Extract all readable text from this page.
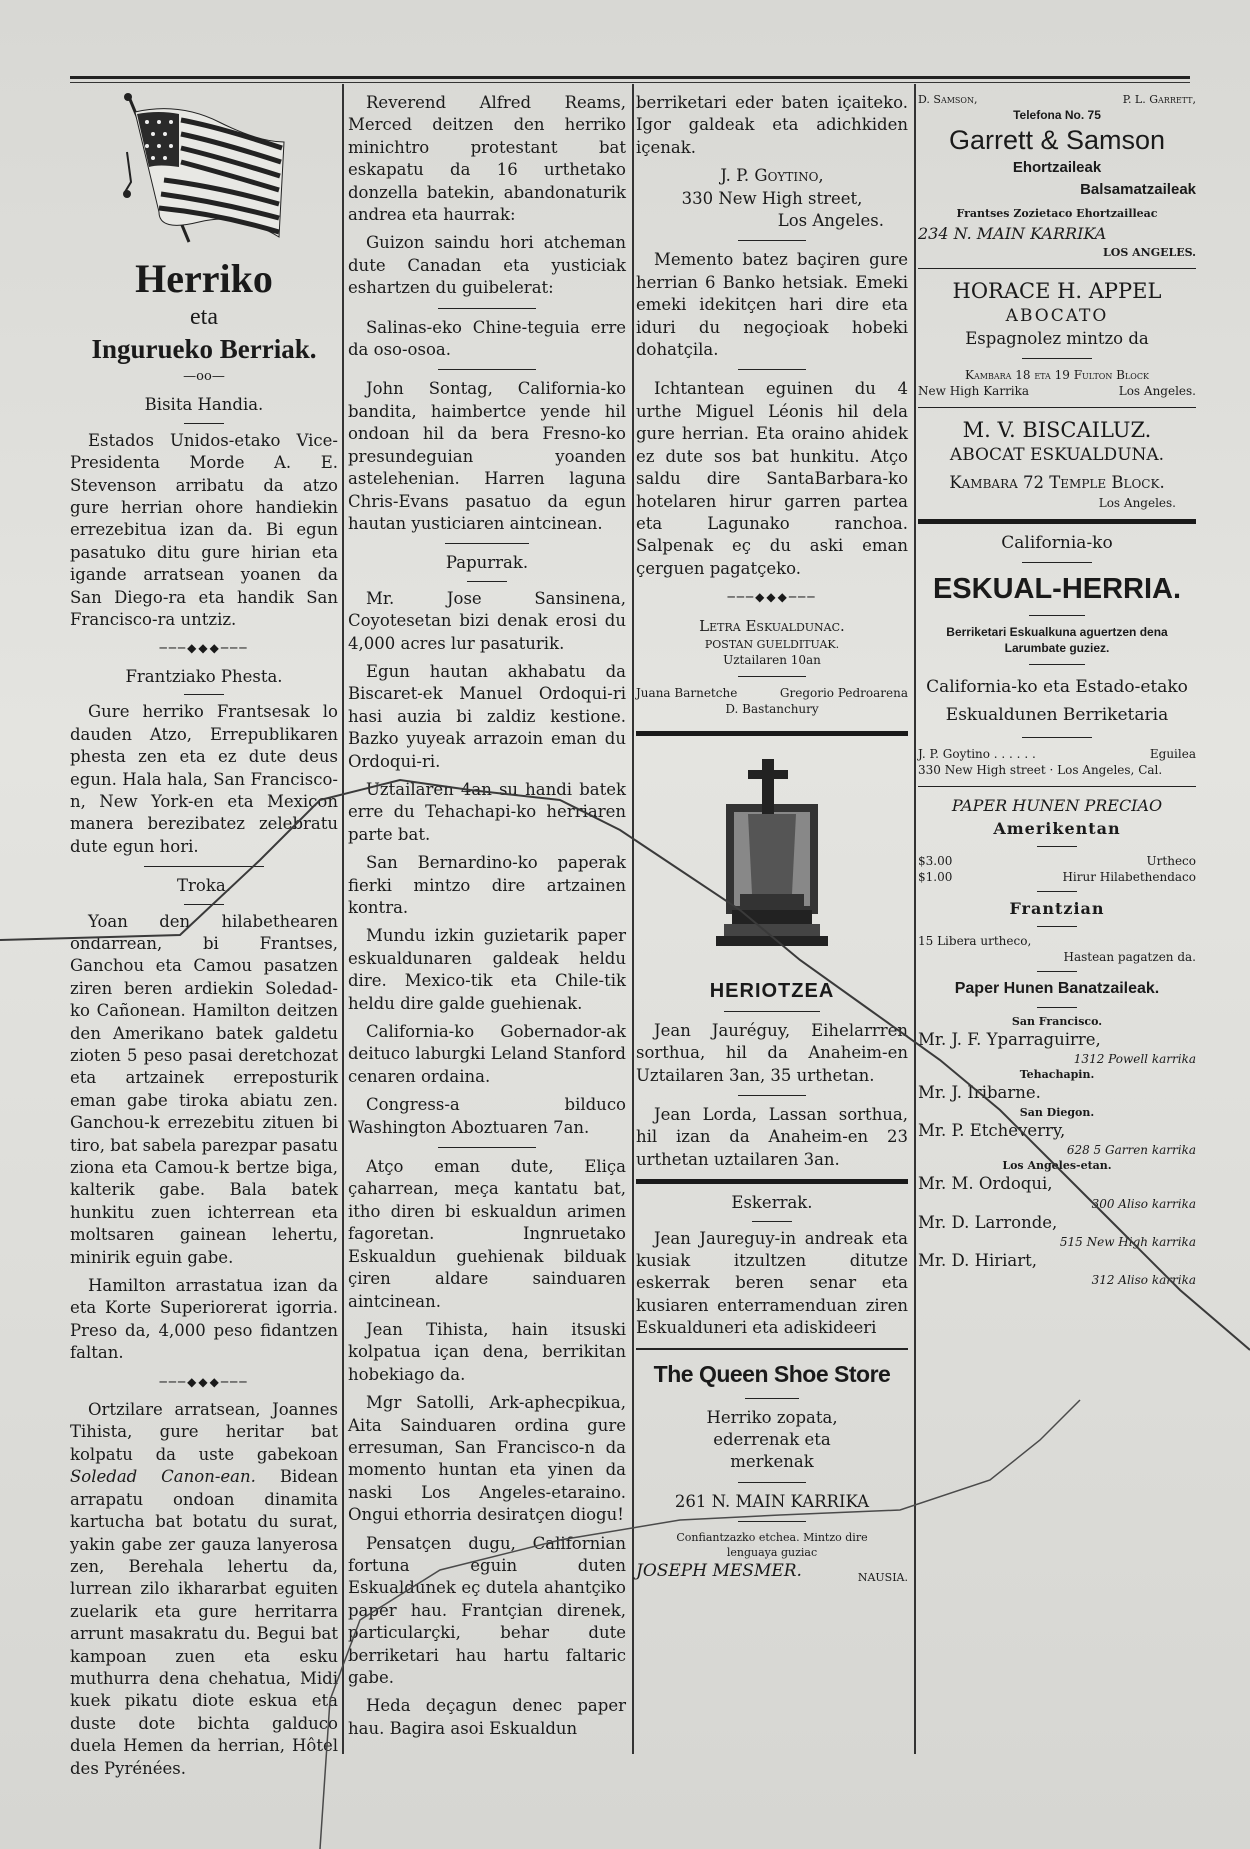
Herriko
eta
Ingurueko Berriak.
—oo—
Bisita Handia.

Estados Unidos-etako Vice-Presidenta Morde A. E. Stevenson arribatu da atzo gure herrian ohore handiekin errezebitua izan da. Bi egun pasatuko ditu gure hirian eta igande arratsean yoanen da San Diego-ra eta handik San Francisco-ra untziz.

───◆◆◆───
Frantziako Phesta.

Gure herriko Frantsesak lo dauden Atzo, Errepublikaren phesta zen eta ez dute deus egun. Hala hala, San Francisco-n, New York-en eta Mexicon manera berezibatez zelebratu dute egun hori.

Troka.

Yoan den hilabethearen ondarrean, bi Frantses, Ganchou eta Camou pasatzen ziren beren ardiekin Soledad-ko Cañonean. Hamilton deitzen den Amerikano batek galdetu zioten 5 peso pasai deretchozat eta artzainek erreposturik eman gabe tiroka abiatu zen. Ganchou-k errezebitu zituen bi tiro, bat sabela parezpar pasatu ziona eta Camou-k bertze biga, kalterik gabe. Bala batek hunkitu zuen ichterrean eta moltsaren gainean lehertu, minirik eguin gabe.

Hamilton arrastatua izan da eta Korte Superiorerat igorria. Preso da, 4,000 peso fidantzen faltan.

───◆◆◆───

Ortzilare arratsean, Joannes Tihista, gure heritar bat kolpatu da uste gabekoan Soledad Canon-ean. Bidean arrapatu ondoan dinamita kartucha bat botatu du surat, yakin gabe zer gauza lanyerosa zen, Berehala lehertu da, lurrean zilo ikhararbat eguiten zuelarik eta gure herritarra arrunt masakratu du. Begui bat kampoan zuen eta esku muthurra dena chehatua, Midi kuek pikatu diote eskua eta duste dote bichta galduco duela Hemen da herrian, Hôtel des Pyrénées.

Reverend Alfred Reams, Merced deitzen den herriko minichtro protestant bat eskapatu da 16 urthetako donzella batekin, abandonaturik andrea eta haurrak:

Guizon saindu hori atcheman dute Canadan eta yusticiak eshartzen du guibelerat:

Salinas-eko Chine-teguia erre da oso-osoa.

John Sontag, California-ko bandita, haimbertce yende hil ondoan hil da bera Fresno-ko presundeguian yoanden astelehenian. Harren laguna Chris-Evans pasatuo da egun hautan yusticiaren aintcinean.

Papurrak.

Mr. Jose Sansinena, Coyotesetan bizi denak erosi du 4,000 acres lur pasaturik.

Egun hautan akhabatu da Biscaret-ek Manuel Ordoqui-ri hasi auzia bi zaldiz kestione. Bazko yuyeak arrazoin eman du Ordoqui-ri.

Uztailaren 4an su handi batek erre du Tehachapi-ko herriaren parte bat.

San Bernardino-ko paperak fierki mintzo dire artzainen kontra.

Mundu izkin guzietarik paper eskualdunaren galdeak heldu dire. Mexico-tik eta Chile-tik heldu dire galde guehienak.

California-ko Gobernador-ak deituco laburgki Leland Stanford cenaren ordaina.

Congress-a bilduco Washington Aboztuaren 7an.

Atço eman dute, Eliça çaharrean, meça kantatu bat, itho diren bi eskualdun arimen fagoretan. Ingnruetako Eskualdun guehienak bilduak çiren aldare sainduaren aintcinean.

Jean Tihista, hain itsuski kolpatua içan dena, berrikitan hobekiago da.

Mgr Satolli, Ark-aphecpikua, Aita Sainduaren ordina gure erresuman, San Francisco-n da momento huntan eta yinen da naski Los Angeles-etaraino. Ongui ethorria desiratçen diogu!

Pensatçen dugu, Californian fortuna eguin duten Eskualdunek eç dutela ahantçiko paper hau. Frantçian direnek, particularçki, behar dute berriketari hau hartu faltaric gabe.

Heda deçagun denec paper hau. Bagira asoi Eskualdun

berriketari eder baten içaiteko. Igor galdeak eta adichkiden içenak.

J. P. Goytino,
330 New High street,
Los Angeles.

Memento batez baçiren gure herrian 6 Banko hetsiak. Emeki emeki idekitçen hari dire eta iduri du negoçioak hobeki dohatçila.

Ichtantean eguinen du 4 urthe Miguel Léonis hil dela gure herrian. Eta oraino ahidek ez dute sos bat hunkitu. Atço saldu dire SantaBarbara-ko hotelaren hirur garren partea eta Lagunako ranchoa. Salpenak eç du aski eman çerguen pagatçeko.

───◆◆◆───
Letra Eskualdunac.
POSTAN GUELDITUAK.
Uztailaren 10an
Juana Barnetche	Gregorio Pedroarena
D. Bastanchury
HERIOTZEA

Jean Jauréguy, Eihelarrren sorthua, hil da Anaheim-en Uztailaren 3an, 35 urthetan.

Jean Lorda, Lassan sorthua, hil izan da Anaheim-en 23 urthetan uztailaren 3an.

Eskerrak.

Jean Jaureguy-in andreak eta kusiak itzultzen ditutze eskerrak beren senar eta kusiaren enterramenduan ziren Eskualduneri eta adiskideeri

The Queen Shoe Store
Herriko zopata, ederrenak eta merkenak
261 N. MAIN KARRIKA
Confiantzazko etchea. Mintzo dire lenguaya guziac
JOSEPH MESMER.	NAUSIA.
D. Samson,	P. L. Garrett,
Telefona No. 75
Garrett & Samson
Ehortzaileak
Balsamatzaileak
Frantses Zozietaco Ehortzailleac
234 N. MAIN KARRIKA
LOS ANGELES.
HORACE H. APPEL
ABOCATO
Espagnolez mintzo da
Kambara 18 eta 19 Fulton Block
New High Karrika	Los Angeles.
M. V. BISCAILUZ.
ABOCAT ESKUALDUNA.
Kambara 72 Temple Block.
Los Angeles.
California-ko
ESKUAL-HERRIA.
Berriketari Eskualkuna aguertzen dena Larumbate guziez.
California-ko eta Estado-etako Eskualdunen Berriketaria
J. P. Goytino . . . . . .	Eguilea
330 New High street · Los Angeles, Cal.
PAPER HUNEN PRECIAO
Amerikentan
$3.00	Urtheco
$1.00	Hirur Hilabethendaco
Frantzian
15 Libera urtheco,
Hastean pagatzen da.
Paper Hunen Banatzaileak.
San Francisco.
Mr. J. F. Yparraguirre,
1312 Powell karrika
Tehachapin.
Mr. J. Iribarne.
San Diegon.
Mr. P. Etcheverry,
628 5 Garren karrika
Los Angeles-etan.
Mr. M. Ordoqui,
300 Aliso karrika
Mr. D. Larronde,
515 New High karrika
Mr. D. Hiriart,
312 Aliso karrika
